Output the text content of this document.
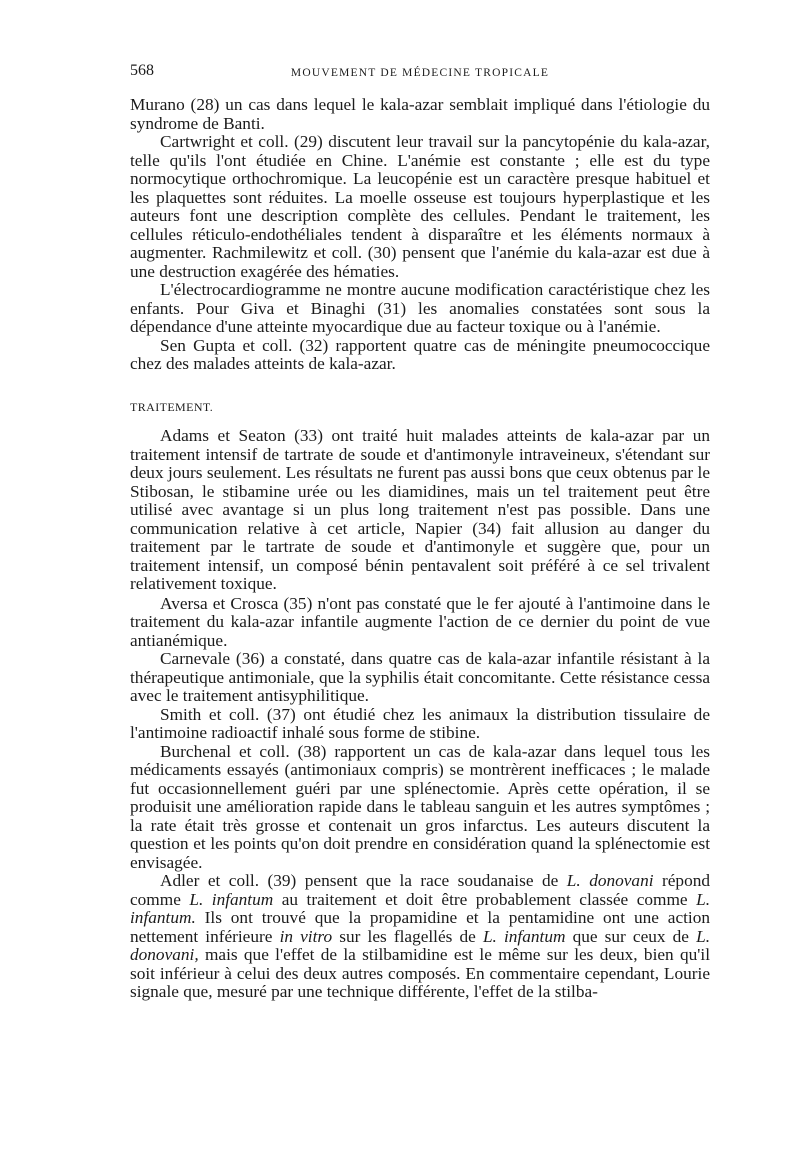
568	MOUVEMENT DE MÉDECINE TROPICALE

Murano (28) un cas dans lequel le kala-azar semblait impliqué dans l'étiologie du syndrome de Banti.

Cartwright et coll. (29) discutent leur travail sur la pancytopénie du kala-azar, telle qu'ils l'ont étudiée en Chine. L'anémie est constante ; elle est du type normocytique orthochromique. La leucopénie est un caractère presque habituel et les plaquettes sont réduites. La moelle osseuse est toujours hyperplastique et les auteurs font une description complète des cellules. Pendant le traitement, les cellules réticulo-endothéliales tendent à disparaître et les éléments normaux à augmenter. Rachmilewitz et coll. (30) pensent que l'anémie du kala-azar est due à une destruction exagérée des hématies.

L'électrocardiogramme ne montre aucune modification caractéristique chez les enfants. Pour Giva et Binaghi (31) les anomalies constatées sont sous la dépendance d'une atteinte myocardique due au facteur toxique ou à l'anémie.

Sen Gupta et coll. (32) rapportent quatre cas de méningite pneumococcique chez des malades atteints de kala-azar.

TRAITEMENT.

Adams et Seaton (33) ont traité huit malades atteints de kala-azar par un traitement intensif de tartrate de soude et d'antimonyle intraveineux, s'étendant sur deux jours seulement. Les résultats ne furent pas aussi bons que ceux obtenus par le Stibosan, le stibamine urée ou les diamidines, mais un tel traitement peut être utilisé avec avantage si un plus long traitement n'est pas possible. Dans une communication relative à cet article, Napier (34) fait allusion au danger du traitement par le tartrate de soude et d'antimonyle et suggère que, pour un traitement intensif, un composé bénin pentavalent soit préféré à ce sel trivalent relativement toxique.

Aversa et Crosca (35) n'ont pas constaté que le fer ajouté à l'antimoine dans le traitement du kala-azar infantile augmente l'action de ce dernier du point de vue antianémique.

Carnevale (36) a constaté, dans quatre cas de kala-azar infantile résistant à la thérapeutique antimoniale, que la syphilis était concomitante. Cette résistance cessa avec le traitement antisyphilitique.

Smith et coll. (37) ont étudié chez les animaux la distribution tissulaire de l'antimoine radioactif inhalé sous forme de stibine.

Burchenal et coll. (38) rapportent un cas de kala-azar dans lequel tous les médicaments essayés (antimoniaux compris) se montrèrent inefficaces ; le malade fut occasionnellement guéri par une splénectomie. Après cette opération, il se produisit une amélioration rapide dans le tableau sanguin et les autres symptômes ; la rate était très grosse et contenait un gros infarctus. Les auteurs discutent la question et les points qu'on doit prendre en considération quand la splénectomie est envisagée.

Adler et coll. (39) pensent que la race soudanaise de L. donovani répond comme L. infantum au traitement et doit être probablement classée comme L. infantum. Ils ont trouvé que la propamidine et la pentamidine ont une action nettement inférieure in vitro sur les flagellés de L. infantum que sur ceux de L. donovani, mais que l'effet de la stilbamidine est le même sur les deux, bien qu'il soit inférieur à celui des deux autres composés. En commentaire cependant, Lourie signale que, mesuré par une technique différente, l'effet de la stilba-
